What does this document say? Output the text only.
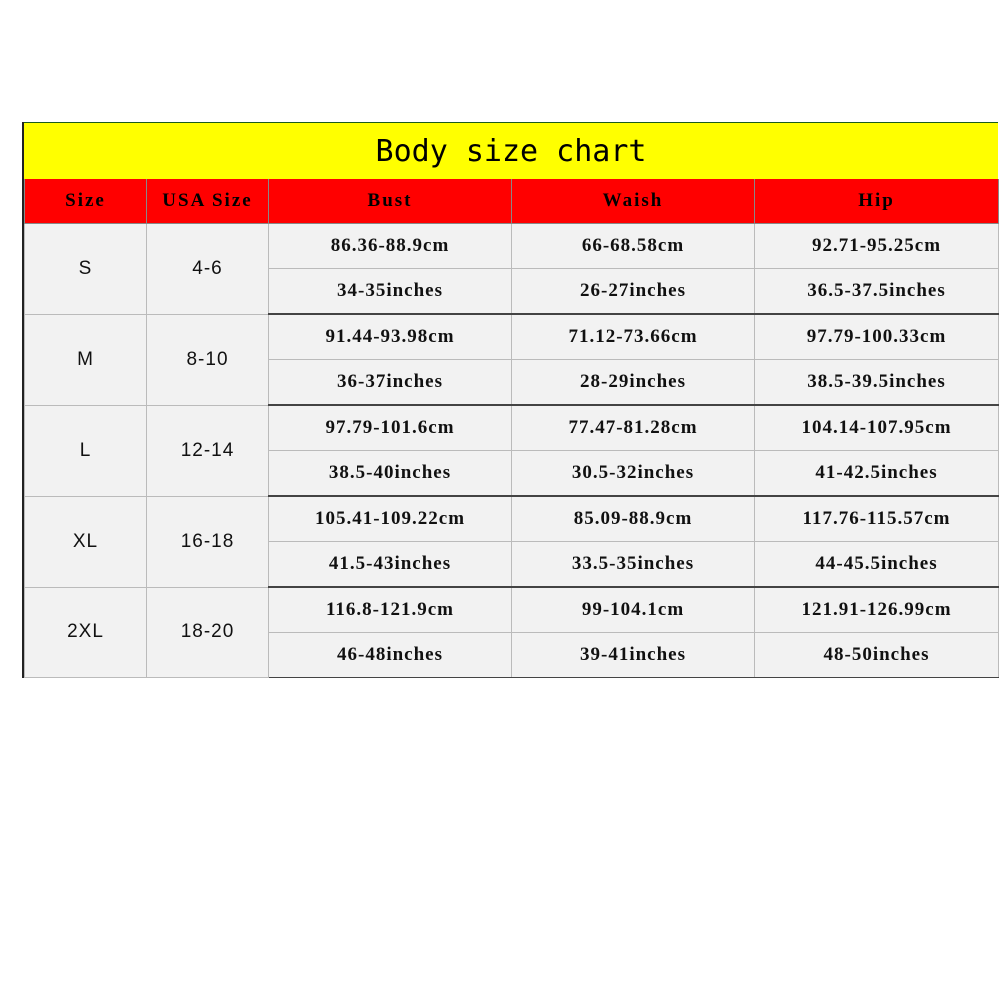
Body size chart
Size	USA Size	Bust	Waish	Hip
S	4-6	86.36-88.9cm	66-68.58cm	92.71-95.25cm
		34-35inches	26-27inches	36.5-37.5inches
M	8-10	91.44-93.98cm	71.12-73.66cm	97.79-100.33cm
		36-37inches	28-29inches	38.5-39.5inches
L	12-14	97.79-101.6cm	77.47-81.28cm	104.14-107.95cm
		38.5-40inches	30.5-32inches	41-42.5inches
XL	16-18	105.41-109.22cm	85.09-88.9cm	117.76-115.57cm
		41.5-43inches	33.5-35inches	44-45.5inches
2XL	18-20	116.8-121.9cm	99-104.1cm	121.91-126.99cm
		46-48inches	39-41inches	48-50inches
